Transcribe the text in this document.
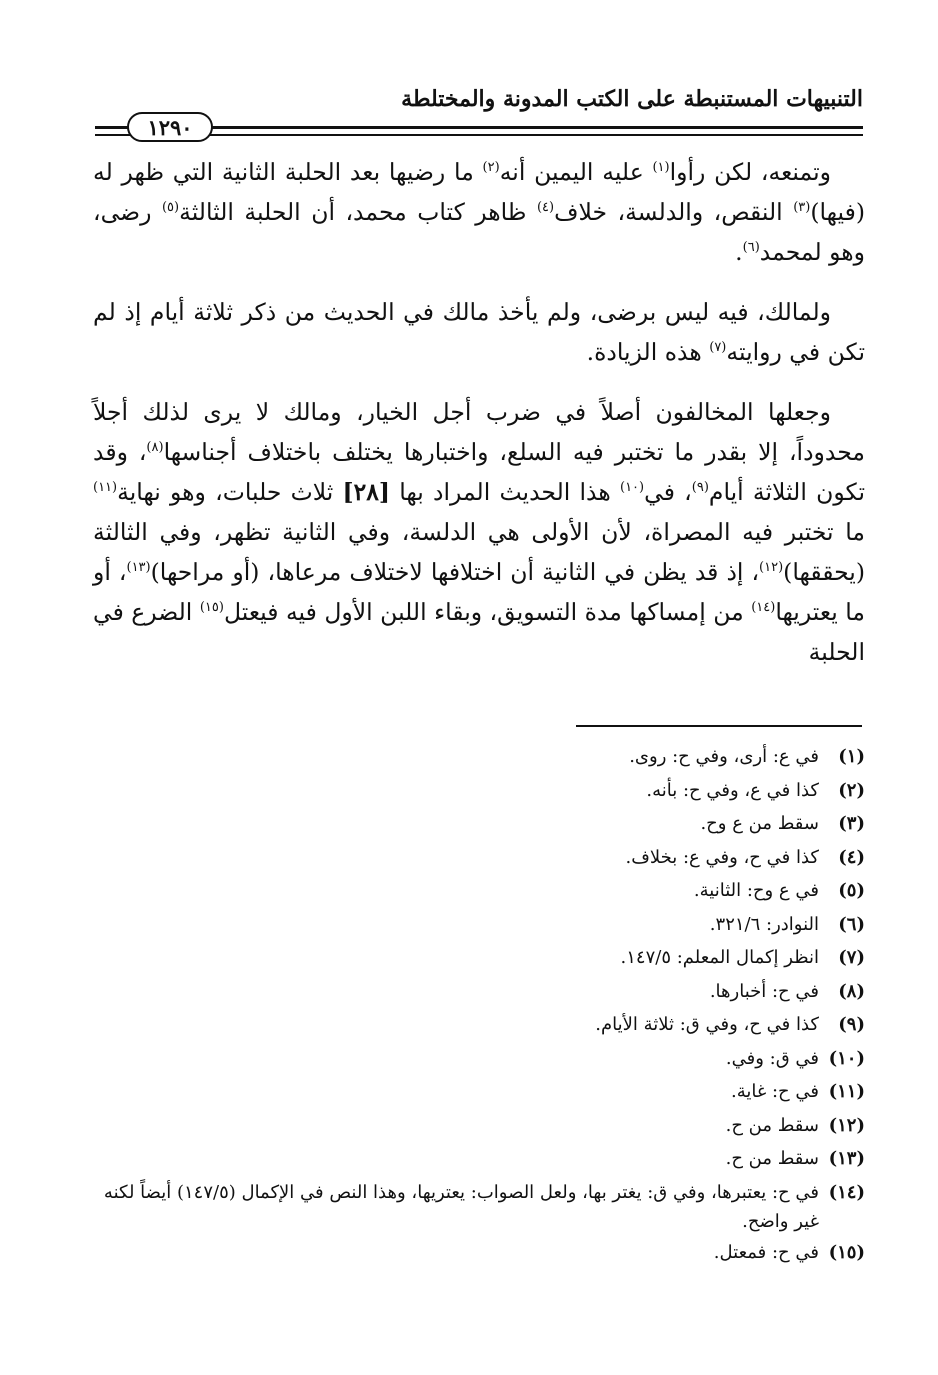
التنبيهات المستنبطة على الكتب المدونة والمختلطة
١٢٩٠

وتمنعه، لكن رأوا$^{(١)}$ عليه اليمين أنه$^{(٢)}$ ما رضيها بعد الحلبة الثانية التي ظهر له (فيها)$^{(٣)}$ النقص، والدلسة، خلاف$^{(٤)}$ ظاهر كتاب محمد، أن الحلبة الثالثة$^{(٥)}$ رضى، وهو لمحمد$^{(٦)}$.

ولمالك، فيه ليس برضى، ولم يأخذ مالك في الحديث من ذكر ثلاثة أيام إذ لم تكن في روايته$^{(٧)}$ هذه الزيادة.

وجعلها المخالفون أصلاً في ضرب أجل الخيار، ومالك لا يرى لذلك أجلاً محدوداً، إلا بقدر ما تختبر فيه السلع، واختبارها يختلف باختلاف أجناسها$^{(٨)}$، وقد تكون الثلاثة أيام$^{(٩)}$، في$^{(١٠)}$ هذا الحديث المراد بها [٢٨] ثلاث حلبات، وهو نهاية$^{(١١)}$ ما تختبر فيه المصراة، لأن الأولى هي الدلسة، وفي الثانية تظهر، وفي الثالثة (يحققها)$^{(١٢)}$، إذ قد يظن في الثانية أن اختلافها لاختلاف مرعاها، (أو مراحها)$^{(١٣)}$، أو ما يعتريها$^{(١٤)}$ من إمساكها مدة التسويق، وبقاء اللبن الأول فيه فيعتل$^{(١٥)}$ الضرع في الحلبة

(١)
في ع: أرى، وفي ح: روى.
(٢)
كذا في ع، وفي ح: بأنه.
(٣)
سقط من ع وح.
(٤)
كذا في ح، وفي ع: بخلاف.
(٥)
في ع وح: الثانية.
(٦)
النوادر: ٣٢١/٦.
(٧)
انظر إكمال المعلم: ١٤٧/٥.
(٨)
في ح: أخبارها.
(٩)
كذا في ح، وفي ق: ثلاثة الأيام.
(١٠)
في ق: وفي.
(١١)
في ح: غاية.
(١٢)
سقط من ح.
(١٣)
سقط من ح.
(١٤)
في ح: يعتبرها، وفي ق: يغتر بها، ولعل الصواب: يعتريها، وهذا النص في الإكمال (١٤٧/٥) أيضاً لكنه غير واضح.
(١٥)
في ح: فمعتل.
